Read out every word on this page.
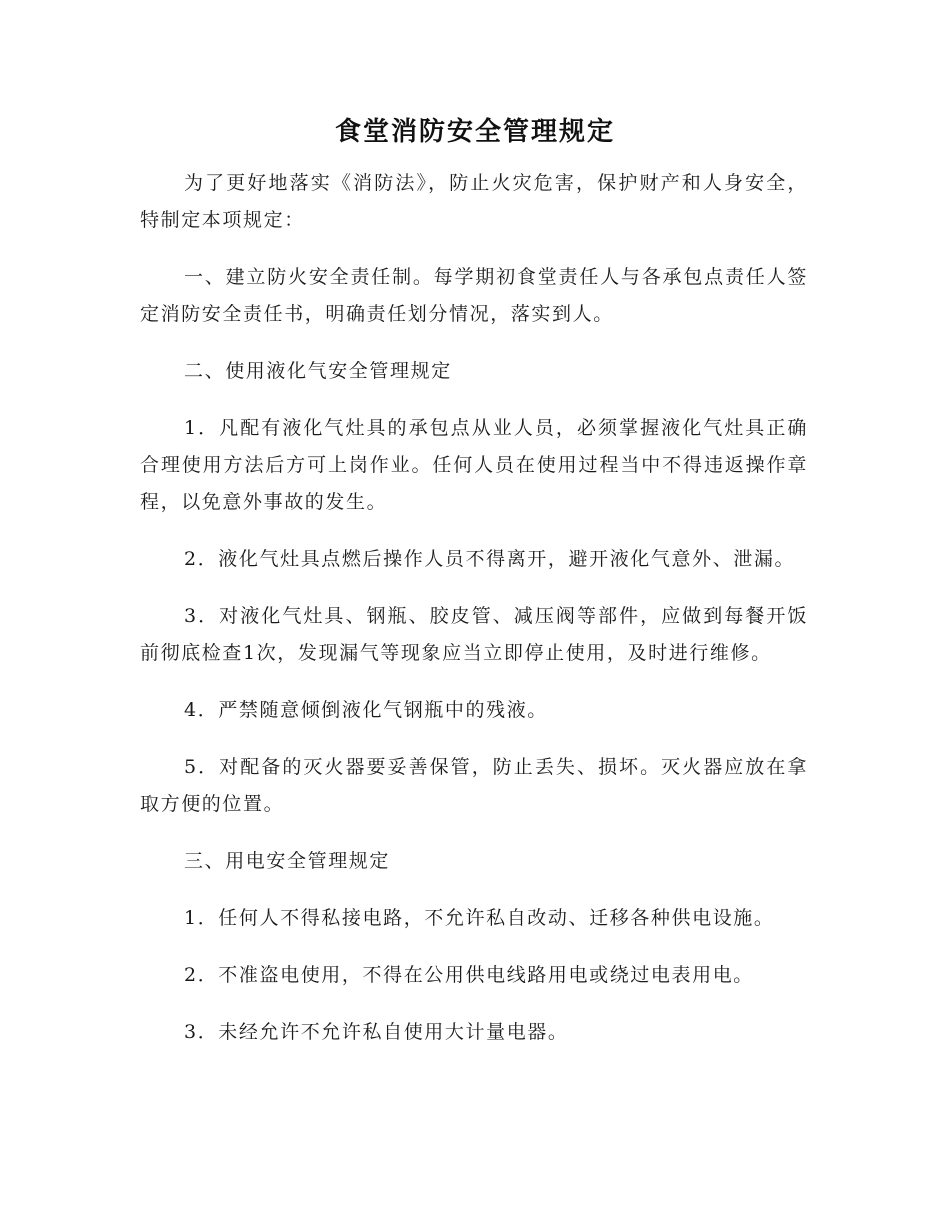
食堂消防安全管理规定

为了更好地落实《消防法》，防止火灾危害，保护财产和人身安全，特制定本项规定：

一、建立防火安全责任制。每学期初食堂责任人与各承包点责任人签定消防安全责任书，明确责任划分情况，落实到人。

二、使用液化气安全管理规定

1．凡配有液化气灶具的承包点从业人员，必须掌握液化气灶具正确合理使用方法后方可上岗作业。任何人员在使用过程当中不得违返操作章程，以免意外事故的发生。

2．液化气灶具点燃后操作人员不得离开，避开液化气意外、泄漏。

3．对液化气灶具、钢瓶、胶皮管、减压阀等部件，应做到每餐开饭前彻底检查1次，发现漏气等现象应当立即停止使用，及时进行维修。

4．严禁随意倾倒液化气钢瓶中的残液。

5．对配备的灭火器要妥善保管，防止丢失、损坏。灭火器应放在拿取方便的位置。

三、用电安全管理规定

1．任何人不得私接电路，不允许私自改动、迁移各种供电设施。

2．不准盗电使用，不得在公用供电线路用电或绕过电表用电。

3．未经允许不允许私自使用大计量电器。
